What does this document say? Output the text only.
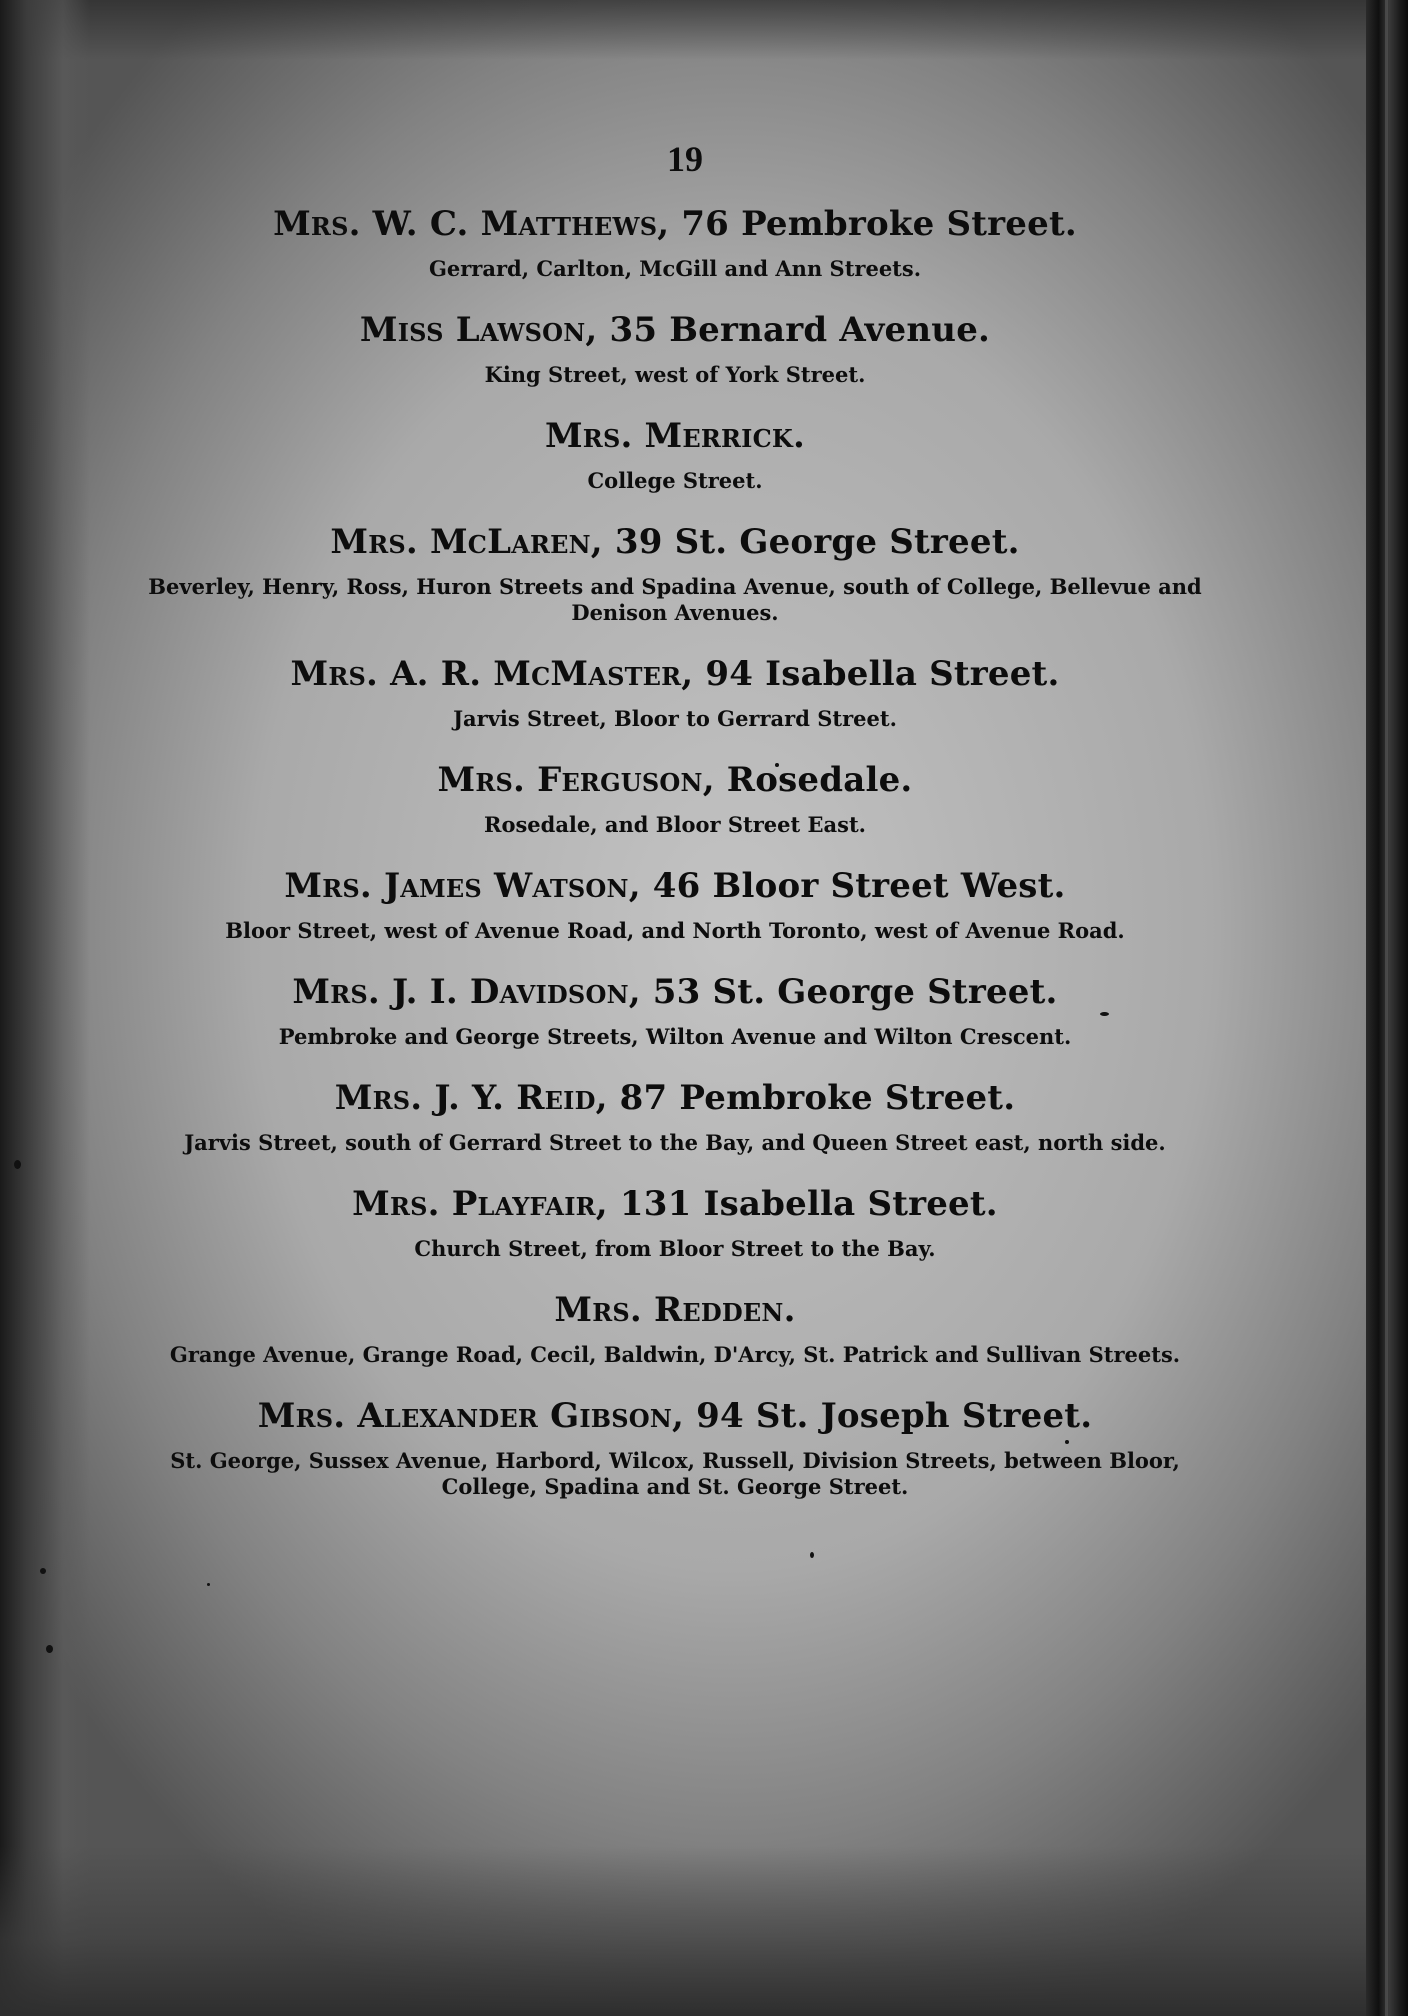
19
Mrs. W. C. Matthews, 76 Pembroke Street.
Gerrard, Carlton, McGill and Ann Streets.
Miss Lawson, 35 Bernard Avenue.
King Street, west of York Street.
Mrs. Merrick.
College Street.
Mrs. McLaren, 39 St. George Street.
Beverley, Henry, Ross, Huron Streets and Spadina Avenue, south of College, Bellevue and Denison Avenues.
Mrs. A. R. McMaster, 94 Isabella Street.
Jarvis Street, Bloor to Gerrard Street.
Mrs. Ferguson, Rosedale.
Rosedale, and Bloor Street East.
Mrs. James Watson, 46 Bloor Street West.
Bloor Street, west of Avenue Road, and North Toronto, west of Avenue Road.
Mrs. J. I. Davidson, 53 St. George Street.
Pembroke and George Streets, Wilton Avenue and Wilton Crescent.
Mrs. J. Y. Reid, 87 Pembroke Street.
Jarvis Street, south of Gerrard Street to the Bay, and Queen Street east, north side.
Mrs. Playfair, 131 Isabella Street.
Church Street, from Bloor Street to the Bay.
Mrs. Redden.
Grange Avenue, Grange Road, Cecil, Baldwin, D'Arcy, St. Patrick and Sullivan Streets.
Mrs. Alexander Gibson, 94 St. Joseph Street.
St. George, Sussex Avenue, Harbord, Wilcox, Russell, Division Streets, between Bloor, College, Spadina and St. George Street.
